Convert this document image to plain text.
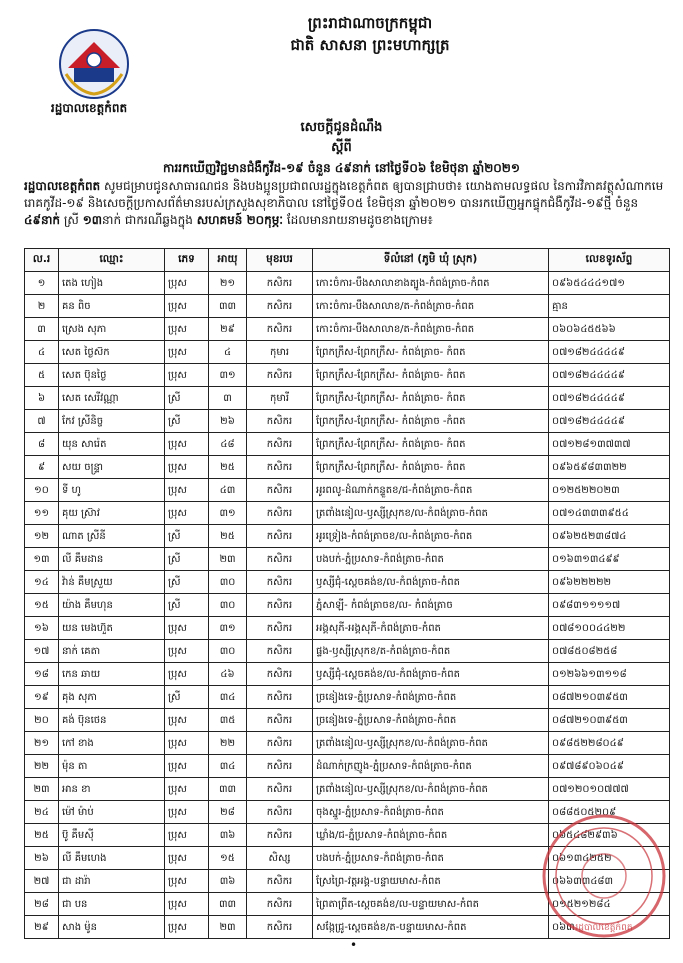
ព្រះរាជាណាចក្រកម្ពុជា
ជាតិ សាសនា ព្រះមហាក្សត្រ
រដ្ឋបាលខេត្តកំពត
សេចក្តីជូនដំណឹង
ស្តីពី
ការរកឃើញវិជ្ជមានជំងឺកូវីដ-១៩ ចំនួន ៤៩នាក់ នៅថ្ងៃទី០៦ ខែមិថុនា ឆ្នាំ២០២១
រដ្ឋបាលខេត្តកំពត សូមជម្រាបជូនសាធារណជន និងបងប្អូនប្រជាពលរដ្ឋក្នុងខេត្តកំពត ឲ្យបានជ្រាបថា៖ យោងតាមលទ្ធផល នៃការវិភាគវត្ថុសំណាកមេរោគកូវីដ-១៩ និងសេចក្តីប្រកាសព័ត៌មានរបស់ក្រសួងសុខាភិបាល នៅថ្ងៃទី០៥ ខែមិថុនា ឆ្នាំ២០២១ បានរកឃើញអ្នកផ្ទុកជំងឺកូវីដ-១៩ថ្មី ចំនួន ៤៩នាក់ ស្រី ១៣នាក់ ជាករណីឆ្លងក្នុង សហគមន៍ ២០កុម្ភៈ ដែលមានរាយនាមដូចខាងក្រោម៖
ល.រ	ឈ្មោះ	ភេទ	អាយុ	មុខរបរ	ទីលំនៅ (ភូមិ ឃុំ ស្រុក)	លេខទូរស័ព្ទ
១	តេង ហៀង	ប្រុស	២១	កសិករ	កោះចំការ-បឹងសាលាខាងត្បូង-កំពង់ត្រាច-កំពត	០៩៦៥៤៤៤១៧១
២	គន ពិច	ប្រុស	៣៣	កសិករ	កោះចំការ-បឹងសាលាខ/ត-កំពង់ត្រាច-កំពត	គ្មាន
៣	ស្រេង សុភា	ប្រុស	២៩	កសិករ	កោះចំការ-បឹងសាលាខ/ត-កំពង់ត្រាច-កំពត	០៦០៦៤៥៥៦៦
៤	សេត ថ្ងៃស៊ក	ប្រុស	៤	កុមារ	ព្រែកក្រឹស-ព្រែកក្រឹស- កំពង់ត្រាច- កំពត	០៧១៨២៤៤៤៤៩
៥	សេត ប៊ុនថ្ងៃ	ប្រុស	៣១	កសិករ	ព្រែកក្រឹស-ព្រែកក្រឹស- កំពង់ត្រាច- កំពត	០៧១៨២៤៤៤៤៩
៦	សេត សេរីវណ្ណា	ស្រី	៣	កុមារី	ព្រែកក្រឹស-ព្រែកក្រឹស- កំពង់ត្រាច- កំពត	០៧១៨២៤៤៤៤៩
៧	កែវ ស្រីនិច្ច	ស្រី	២៦	កសិករ	ព្រែកក្រឹស-ព្រែកក្រឹស- កំពង់ត្រាច -កំពត	០៧១៨២៤៤៤៤៩
៨	យុន សារ៉េត	ប្រុស	៤៨	កសិករ	ព្រែកក្រឹស-ព្រែកក្រឹស- កំពង់ត្រាច- កំពត	០៧១២៨១៣៧៣៧
៩	សយ ចន្ទ្រា	ប្រុស	២៥	កសិករ	ព្រែកក្រឹស-ព្រែកក្រឹស- កំពង់ត្រាច- កំពត	០៩៦៥៩៨៣៣២២
១០	ទី ហូ	ប្រុស	៤៣	កសិករ	អូរពលូ-ដំណាក់កន្ទួតខ/ជ-កំពង់ត្រាច-កំពត	០១២៥២២០២៣
១១	គុយ ស្រ៊ាវ	ប្រុស	៣១	កសិករ	ត្រពាំងនៀល-ឫស្សីស្រុកខ/ល-កំពង់ត្រាច-កំពត	០៧១៤៣៣៣៩៥៤
១២	ណាត ស្រីនី	ស្រី	២៥	កសិករ	អូរទ្រៀង-កំពង់ត្រាចខ/ល-កំពង់ត្រាច-កំពត	០៩៦២៥២៣៨៧៤
១៣	លី គឹមដាន	ស្រី	២៣	កសិករ	បងបក់-ភ្នំប្រសាទ-កំពង់ត្រាច-កំពត	០១៦៣១៣៤៩៩
១៤	វ៉ាន់ គឹមស្រួយ	ស្រី	៣០	កសិករ	ឫស្សីជុំ-ស្តេចគង់ខ/ល-កំពង់ត្រាច-កំពត	០៩៦២២២២២
១៥	យ៉ាង គឹមហុន	ស្រី	៣០	កសិករ	ភ្នំសាឡី- កំពង់ត្រាចខ/ល- កំពង់ត្រាច	០៩៨៣១១១១៧
១៦	យន មេងហ៊ួត	ប្រុស	៣១	កសិករ	អង្គសុភី-អង្គសុភី-កំពង់ត្រាច-កំពត	០៧៨១០០៤៤២២
១៧	នាក់ គេតា	ប្រុស	៣០	កសិករ	ផ្ទង-ឫស្សីស្រុកខ/ត-កំពង់ត្រាច-កំពត	០៧៨៥០៨២៥៨
១៨	កេន ឆាយ	ប្រុស	៤៦	កសិករ	ឫស្សីជុំ-ស្តេចគង់ខ/ល-កំពង់ត្រាច-កំពត	០១២៦៦១៣១១៨
១៩	គុង សុភា	ស្រី	៣៤	កសិករ	ច្រនៀងទេ-ភ្នំប្រសាទ-កំពង់ត្រាច-កំពត	០៨៧២១០៣៩៥៣
២០	គង់ ប៊ុនថេន	ប្រុស	៣៥	កសិករ	ច្រនៀងទេ-ភ្នំប្រសាទ-កំពង់ត្រាច-កំពត	០៨៧២១០៣៩៥៣
២១	កៅ ខាង	ប្រុស	២២	កសិករ	ត្រពាំងនៀល-ឫស្សីស្រុកខ/ល-កំពង់ត្រាច-កំពត	០៩៨៥២២៨០៤៩
២២	ម៉ុន តា	ប្រុស	៣៤	កសិករ	ដំណាក់ក្រញូង-ភ្នំប្រសាទ-កំពង់ត្រាច-កំពត	០៩៧៨៩០៦០៤៩
២៣	អាន ខា	ប្រុស	៣៣	កសិករ	ត្រពាំងនៀល-ឫស្សីស្រុកខ/ល-កំពង់ត្រាច-កំពត	០៧១២០១០៧៧៧
២៤	ម៉ៅ ម៉ាប់	ប្រុស	២៨	កសិករ	ចុងស្នួរ-ភ្នំប្រសាទ-កំពង់ត្រាច-កំពត	០៨៨៥០៥២០៩
២៥	ប៊ូ គឹមស៊ី	ប្រុស	៣៦	កសិករ	ឃ្លាំង/ជ-ភ្នំប្រសាទ-កំពង់ត្រាច-កំពត	០៦៥៤៨២៩៣៦
២៦	លី គឹមហេង	ប្រុស	១៥	សិស្ស	បងបក់-ភ្នំប្រសាទ-កំពង់ត្រាច-កំពត	០៦១៣៤២៥២
២៧	ជា ដារ៉ា	ប្រុស	៣៦	កសិករ	ស្រែព្រៃ-វត្តអង្គ-បន្ទាយមាស-កំពត	០៦៦៣៣៤៨៣
២៨	ជា បន	ប្រុស	៣៣	កសិករ	ព្រៃតាព្រីត-ស្តេចគង់ខ/ល-បន្ទាយមាស-កំពត	០១៥២១២៨៤
២៩	សាង ម៉ូន	ប្រុស	២៣	កសិករ	សង្កែជ្រូ-ស្តេចគង់ខ/ត-បន្ទាយមាស-កំពត	០៦៣ រដ្ឋបាលខេត្តកំពត
•
